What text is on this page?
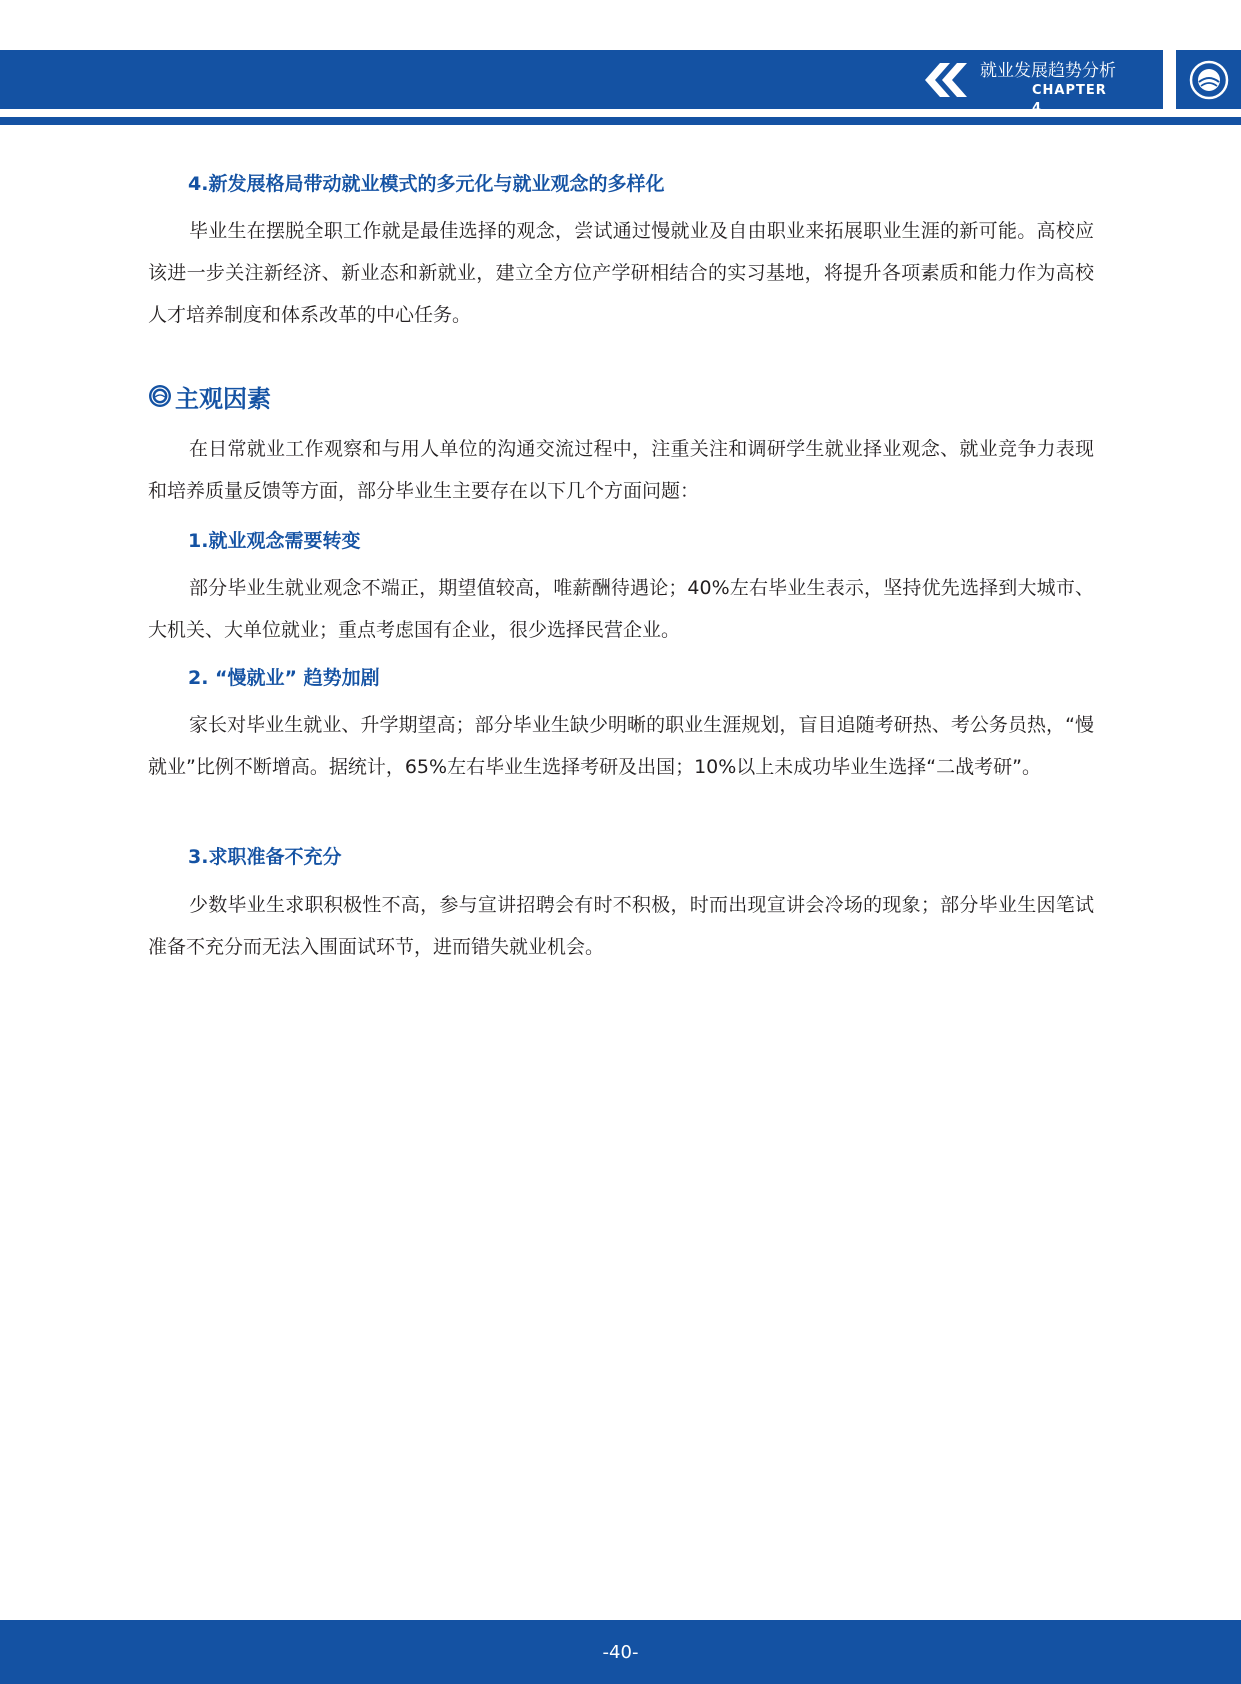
就业发展趋势分析
CHAPTER 4
4.新发展格局带动就业模式的多元化与就业观念的多样化
毕业生在摆脱全职工作就是最佳选择的观念，尝试通过慢就业及自由职业来拓展职业生涯的新可能。高校应该进一步关注新经济、新业态和新就业，建立全方位产学研相结合的实习基地，将提升各项素质和能力作为高校人才培养制度和体系改革的中心任务。
主观因素
在日常就业工作观察和与用人单位的沟通交流过程中，注重关注和调研学生就业择业观念、就业竞争力表现和培养质量反馈等方面，部分毕业生主要存在以下几个方面问题：
1.就业观念需要转变
部分毕业生就业观念不端正，期望值较高，唯薪酬待遇论；40%左右毕业生表示，坚持优先选择到大城市、大机关、大单位就业；重点考虑国有企业，很少选择民营企业。
2. “慢就业” 趋势加剧
家长对毕业生就业、升学期望高；部分毕业生缺少明晰的职业生涯规划，盲目追随考研热、考公务员热，“慢就业”比例不断增高。据统计，65%左右毕业生选择考研及出国；10%以上未成功毕业生选择“二战考研”。
3.求职准备不充分
少数毕业生求职积极性不高，参与宣讲招聘会有时不积极，时而出现宣讲会冷场的现象；部分毕业生因笔试准备不充分而无法入围面试环节，进而错失就业机会。
-40-
